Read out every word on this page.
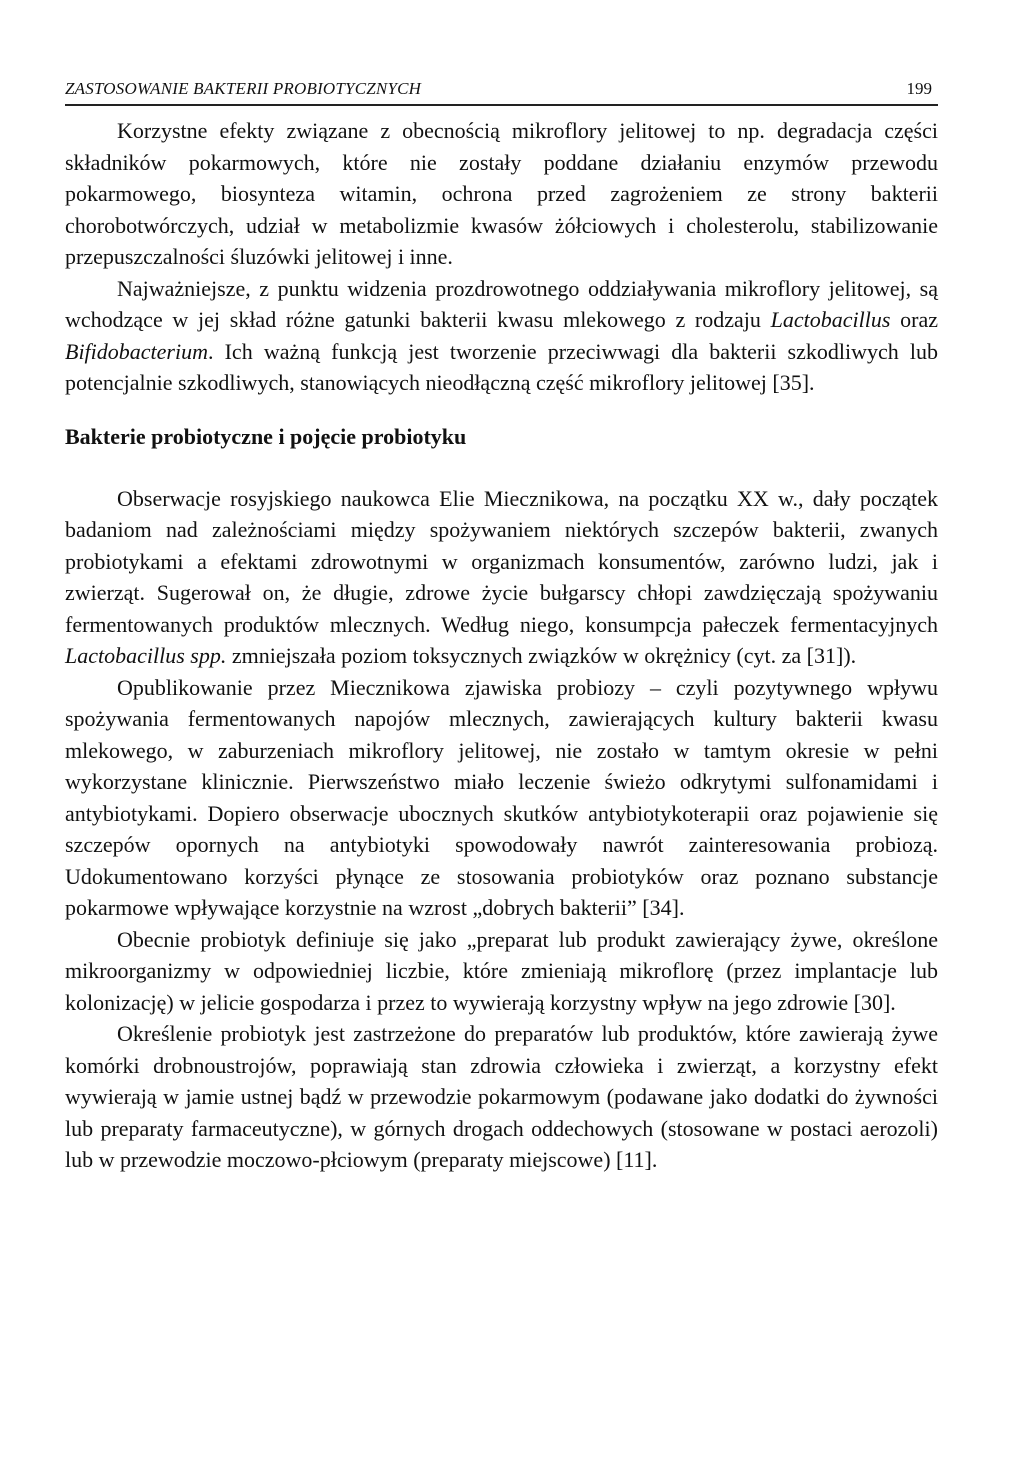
ZASTOSOWANIE BAKTERII PROBIOTYCZNYCH	199

Korzystne efekty związane z obecnością mikroflory jelitowej to np. degradacja części składników pokarmowych, które nie zostały poddane działaniu enzymów przewodu pokarmowego, biosynteza witamin, ochrona przed zagrożeniem ze strony bakterii chorobotwórczych, udział w metabolizmie kwasów żółciowych i cholesterolu, stabilizowanie przepuszczalności śluzówki jelitowej i inne.

Najważniejsze, z punktu widzenia prozdrowotnego oddziaływania mikroflory jelitowej, są wchodzące w jej skład różne gatunki bakterii kwasu mlekowego z rodzaju Lactobacillus oraz Bifidobacterium. Ich ważną funkcją jest tworzenie przeciwwagi dla bakterii szkodliwych lub potencjalnie szkodliwych, stanowiących nieodłączną część mikroflory jelitowej [35].

Bakterie probiotyczne i pojęcie probiotyku

Obserwacje rosyjskiego naukowca Elie Miecznikowa, na początku XX w., dały początek badaniom nad zależnościami między spożywaniem niektórych szczepów bakterii, zwanych probiotykami a efektami zdrowotnymi w organizmach konsumentów, zarówno ludzi, jak i zwierząt. Sugerował on, że długie, zdrowe życie bułgarscy chłopi zawdzięczają spożywaniu fermentowanych produktów mlecznych. Według niego, konsumpcja pałeczek fermentacyjnych Lactobacillus spp. zmniejszała poziom toksycznych związków w okrężnicy (cyt. za [31]).

Opublikowanie przez Miecznikowa zjawiska probiozy – czyli pozytywnego wpływu spożywania fermentowanych napojów mlecznych, zawierających kultury bakterii kwasu mlekowego, w zaburzeniach mikroflory jelitowej, nie zostało w tamtym okresie w pełni wykorzystane klinicznie. Pierwszeństwo miało leczenie świeżo odkrytymi sulfonamidami i antybiotykami. Dopiero obserwacje ubocznych skutków antybiotykoterapii oraz pojawienie się szczepów opornych na antybiotyki spowodowały nawrót zainteresowania probiozą. Udokumentowano korzyści płynące ze stosowania probiotyków oraz poznano substancje pokarmowe wpływające korzystnie na wzrost „dobrych bakterii” [34].

Obecnie probiotyk definiuje się jako „preparat lub produkt zawierający żywe, określone mikroorganizmy w odpowiedniej liczbie, które zmieniają mikroflorę (przez implantacje lub kolonizację) w jelicie gospodarza i przez to wywierają korzystny wpływ na jego zdrowie [30].

Określenie probiotyk jest zastrzeżone do preparatów lub produktów, które zawierają żywe komórki drobnoustrojów, poprawiają stan zdrowia człowieka i zwierząt, a korzystny efekt wywierają w jamie ustnej bądź w przewodzie pokarmowym (podawane jako dodatki do żywności lub preparaty farmaceutyczne), w górnych drogach oddechowych (stosowane w postaci aerozoli) lub w przewodzie moczowo-płciowym (preparaty miejscowe) [11].
